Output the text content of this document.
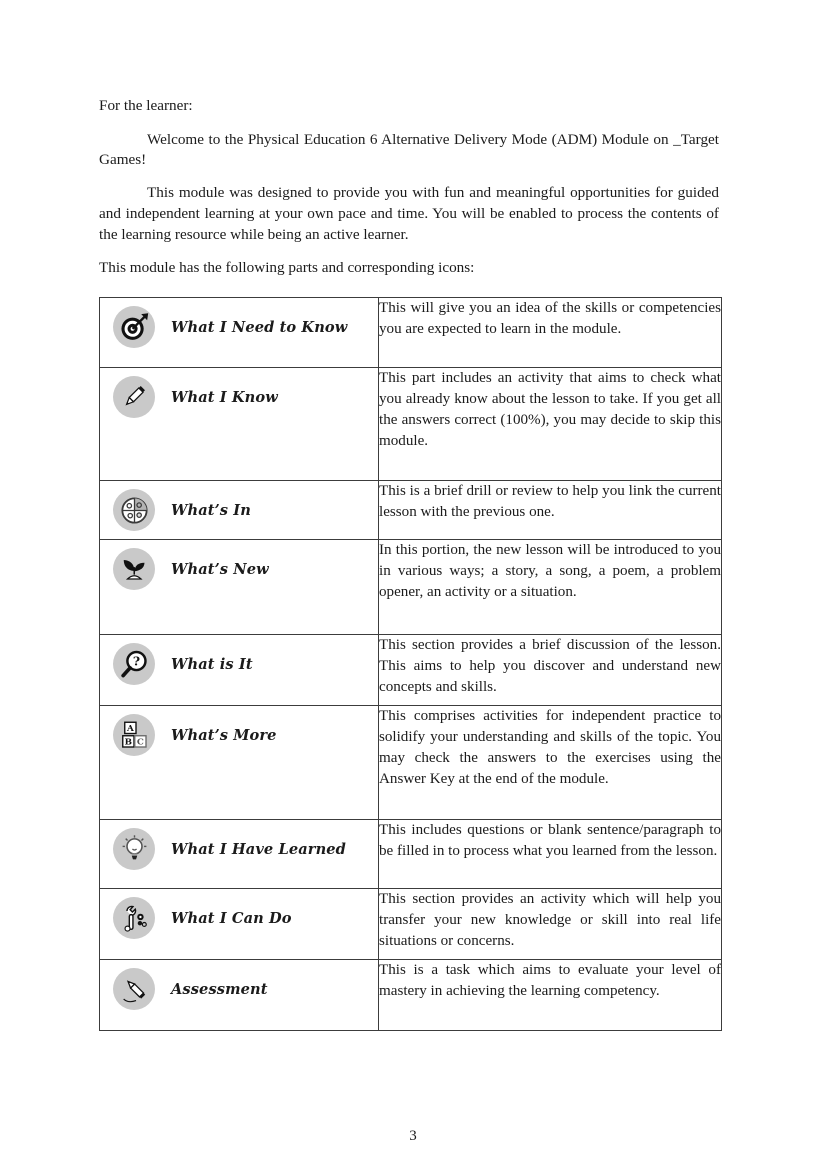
For the learner:

Welcome to the Physical Education 6 Alternative Delivery Mode (ADM) Module on _Target Games!

This module was designed to provide you with fun and meaningful opportunities for guided and independent learning at your own pace and time. You will be enabled to process the contents of the learning resource while being an active learner.

This module has the following parts and corresponding icons:

What I Need to Know	This will give you an idea of the skills or competencies you are expected to learn in the module.

What I Know	This part includes an activity that aims to check what you already know about the lesson to take. If you get all the answers correct (100%), you may decide to skip this module.

What’s In	This is a brief drill or review to help you link the current lesson with the previous one.

What’s New	In this portion, the new lesson will be introduced to you in various ways; a story, a song, a poem, a problem opener, an activity or a situation.

? What is It	This section provides a brief discussion of the lesson. This aims to help you discover and understand new concepts and skills.

A
B C What’s More	This comprises activities for independent practice to solidify your understanding and skills of the topic. You may check the answers to the exercises using the Answer Key at the end of the module.

What I Have Learned	This includes questions or blank sentence/paragraph to be filled in to process what you learned from the lesson.

What I Can Do	This section provides an activity which will help you transfer your new knowledge or skill into real life situations or concerns.

Assessment	This is a task which aims to evaluate your level of mastery in achieving the learning competency.
3
